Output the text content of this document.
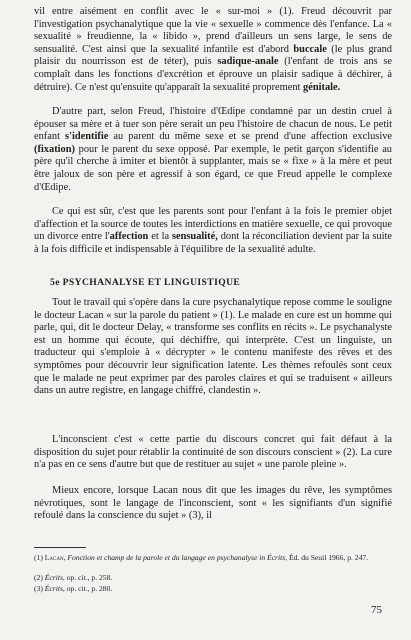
vil entre aisément en conflit avec le « sur-moi » (1). Freud découvrit par l'investigation psychanalytique que la vie « sexuelle » commence dès l'enfance. La « sexualité » freudienne, la « libido », prend d'ailleurs un sens large, le sens de sensualité. C'est ainsi que la sexualité infantile est d'abord buccale (le plus grand plaisir du nourrisson est de téter), puis sadique-anale (l'enfant de trois ans se complaît dans les fonctions d'excrétion et éprouve un plaisir sadique à déchirer, à détruire). Ce n'est qu'ensuite qu'apparaît la sexualité proprement génitale.

D'autre part, selon Freud, l'histoire d'Œdipe condamné par un destin cruel à épouser sa mère et à tuer son père serait un peu l'histoire de chacun de nous. Le petit enfant s'identifie au parent du même sexe et se prend d'une affection exclusive (fixation) pour le parent du sexe opposé. Par exemple, le petit garçon s'identifie au père qu'il cherche à imiter et bientôt à supplanter, mais se « fixe » à la mère et peut être jaloux de son père et agressif à son égard, ce que Freud appelle le complexe d'Œdipe.

Ce qui est sûr, c'est que les parents sont pour l'enfant à la fois le premier objet d'affection et la source de toutes les interdictions en matière sexuelle, ce qui provoque un divorce entre l'affection et la sensualité, dont la réconciliation devient par la suite à la fois difficile et indispensable à l'équilibre de la sexualité adulte.

5e PSYCHANALYSE ET LINGUISTIQUE

Tout le travail qui s'opère dans la cure psychanalytique repose comme le souligne le docteur Lacan « sur la parole du patient » (1). Le malade en cure est un homme qui parle, qui, dit le docteur Delay, « transforme ses conflits en récits ». Le psychanalyste est un homme qui écoute, qui déchiffre, qui interprète. C'est un linguiste, un traducteur qui s'emploie à « décrypter » le contenu manifeste des rêves et des symptômes pour découvrir leur signification latente. Les thèmes refoulés sont ceux que le malade ne peut exprimer par des paroles claires et qui se traduisent « ailleurs dans un autre registre, en langage chiffré, clandestin ».

L'inconscient c'est « cette partie du discours concret qui fait défaut à la disposition du sujet pour rétablir la continuité de son discours conscient » (2). La cure n'a pas en ce sens d'autre but que de restituer au sujet « une parole pleine ».

Mieux encore, lorsque Lacan nous dit que les images du rêve, les symptômes névrotiques, sont le langage de l'inconscient, sont « les signifiants d'un signifié refoulé dans la conscience du sujet » (3), il

(1) Lacan, Fonction et champ de la parole et du langage en psychanalyse in Écrits, Éd. du Seuil 1966, p. 247.

(2) Écrits, op. cit., p. 258.

(3) Écrits, op. cit., p. 280.

75
